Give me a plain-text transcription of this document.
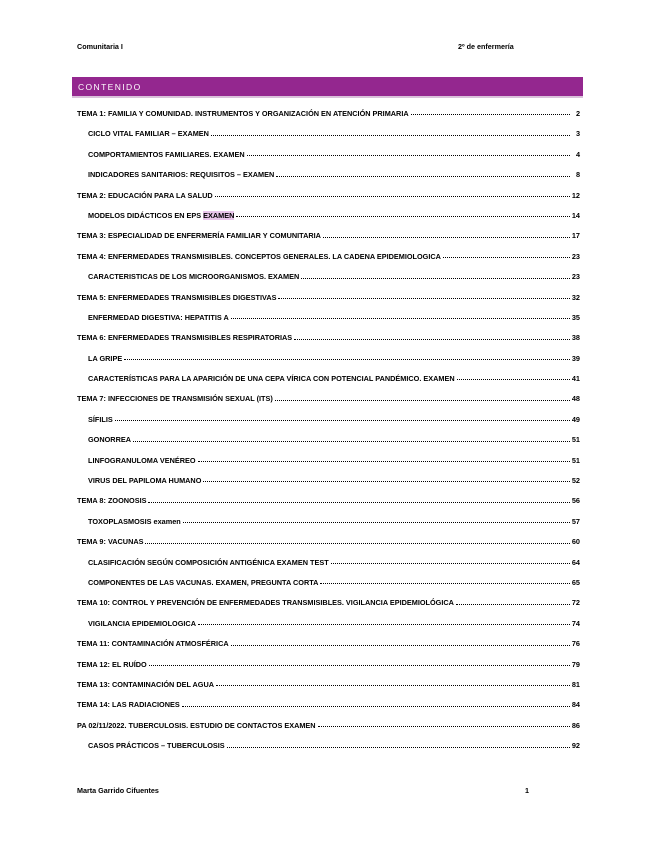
Comunitaria I	2º de enfermería
CONTENIDO
TEMA 1: FAMILIA Y COMUNIDAD. INSTRUMENTOS Y ORGANIZACIÓN EN ATENCIÓN PRIMARIA	2
CICLO VITAL FAMILIAR – EXAMEN	3
COMPORTAMIENTOS FAMILIARES. EXAMEN	4
INDICADORES SANITARIOS: REQUISITOS – EXAMEN	8
TEMA 2: EDUCACIÓN PARA LA SALUD	12
MODELOS DIDÁCTICOS EN EPS EXAMEN	14
TEMA 3: ESPECIALIDAD DE ENFERMERÍA FAMILIAR Y COMUNITARIA	17
TEMA 4: ENFERMEDADES TRANSMISIBLES. CONCEPTOS GENERALES. LA CADENA EPIDEMIOLOGICA	23
CARACTERISTICAS DE LOS MICROORGANISMOS. EXAMEN	23
TEMA 5: ENFERMEDADES TRANSMISIBLES DIGESTIVAS	32
ENFERMEDAD DIGESTIVA: HEPATITIS A	35
TEMA 6: ENFERMEDADES TRANSMISIBLES RESPIRATORIAS	38
LA GRIPE	39
CARACTERÍSTICAS PARA LA APARICIÓN DE UNA CEPA VÍRICA CON POTENCIAL PANDÉMICO. EXAMEN	41
TEMA 7: INFECCIONES DE TRANSMISIÓN SEXUAL (ITS)	48
SÍFILIS	49
GONORREA	51
LINFOGRANULOMA VENÉREO	51
VIRUS DEL PAPILOMA HUMANO	52
TEMA 8: ZOONOSIS	56
TOXOPLASMOSIS examen	57
TEMA 9: VACUNAS	60
CLASIFICACIÓN SEGÚN COMPOSICIÓN ANTIGÉNICA EXAMEN TEST	64
COMPONENTES DE LAS VACUNAS. EXAMEN, PREGUNTA CORTA	65
TEMA 10: CONTROL Y PREVENCIÓN DE ENFERMEDADES TRANSMISIBLES. VIGILANCIA EPIDEMIOLÓGICA	72
VIGILANCIA EPIDEMIOLOGICA	74
TEMA 11: CONTAMINACIÓN ATMOSFÉRICA	76
TEMA 12: EL RUÍDO	79
TEMA 13: CONTAMINACIÓN DEL AGUA	81
TEMA 14: LAS RADIACIONES	84
PA 02/11/2022. TUBERCULOSIS. ESTUDIO DE CONTACTOS EXAMEN	86
CASOS PRÁCTICOS – TUBERCULOSIS	92
Marta Garrido Cifuentes	1
